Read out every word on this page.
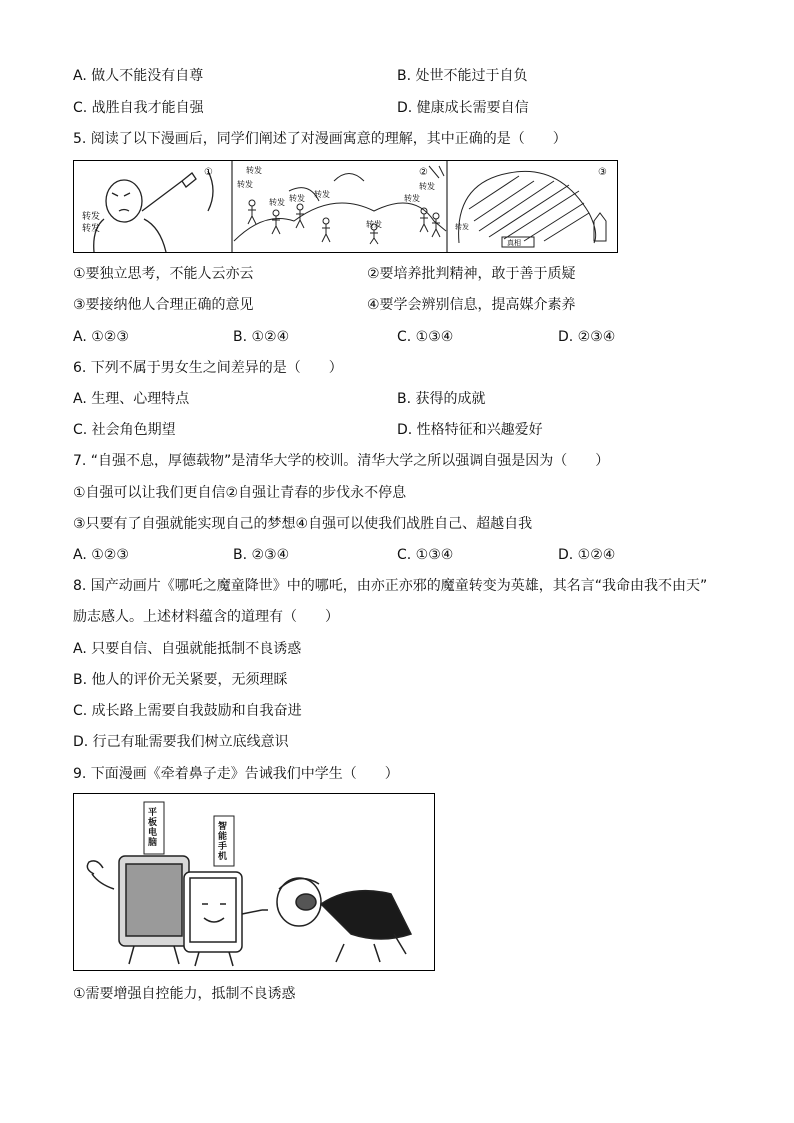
A. 做人不能没有自尊	B. 处世不能过于自负
C. 战胜自我才能自强	D. 健康成长需要自信
5. 阅读了以下漫画后，同学们阐述了对漫画寓意的理解，其中正确的是（　　）
转发
转发
①	转发
转发
转发 转发 转发
转发
转发
转发
②
转发
真相
③
①要独立思考，不能人云亦云	②要培养批判精神，敢于善于质疑
③要接纳他人合理正确的意见	④要学会辨别信息，提高媒介素养
A. ①②③	B. ①②④	C. ①③④	D. ②③④
6. 下列不属于男女生之间差异的是（　　）
A. 生理、心理特点	B. 获得的成就
C. 社会角色期望	D. 性格特征和兴趣爱好
7. “自强不息，厚德载物”是清华大学的校训。清华大学之所以强调自强是因为（　　）
①自强可以让我们更自信②自强让青春的步伐永不停息
③只要有了自强就能实现自己的梦想④自强可以使我们战胜自己、超越自我
A. ①②③	B. ②③④	C. ①③④	D. ①②④
8. 国产动画片《哪吒之魔童降世》中的哪吒，由亦正亦邪的魔童转变为英雄，其名言“我命由我不由天”
励志感人。上述材料蕴含的道理有（　　）
A. 只要自信、自强就能抵制不良诱惑
B. 他人的评价无关紧要，无须理睬
C. 成长路上需要自我鼓励和自我奋进
D. 行己有耻需要我们树立底线意识
9. 下面漫画《牵着鼻子走》告诫我们中学生（　　）
平板电脑
智能手机
①需要增强自控能力，抵制不良诱惑
